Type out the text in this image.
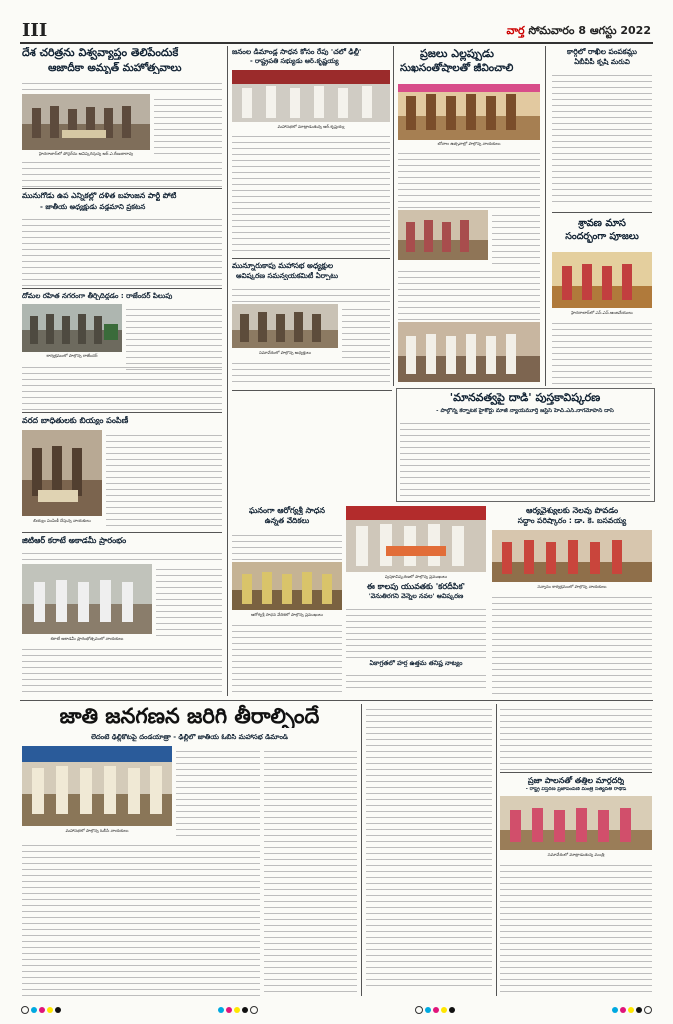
III	వార్త సోమవారం 8 ఆగస్టు 2022
దేశ చరిత్రను విశ్వవ్యాప్తం తెలిపేందుకే
ఆజాదీకా అమృత్ మహోత్సవాలు
హైదరాబాద్‌లో పోస్టర్‌ను ఆవిష్కరిస్తున్న ఆర్.ఎ.రేణుకారావు
మునుగోడు ఉప ఎన్నికల్లో దళిత బహుజన పార్టీ పోటీ
- జాతీయ అధ్యక్షుడు వడ్డమాని ప్రకటన
దోమల రహిత నగరంగా తీర్చిదిద్దడం : రాజేందర్ పిలుపు
కార్యక్రమంలో పాల్గొన్న రాజేందర్
వరద బాధితులకు బియ్యం పంపిణీ
బియ్యం పంపిణీ చేస్తున్న నాయకులు
జిటిఆర్ కరాటే అకాడమీ ప్రారంభం
కరాటే అకాడమీ ప్రారంభోత్సవంలో నాయకులు
జనంల డిమాండ్ల సాధన కోసం రేపు 'చలో ఢిల్లీ'
- రాష్ట్రపతి సభ్యుడు ఆర్.కృష్ణయ్య
మహాసభలో మాట్లాడుతున్న ఆర్.కృష్ణయ్య
మున్నూరుకాపు మహాసభ అధ్యక్షుల
ఆవిష్కరణ సమన్వయకమిటీ ఏర్పాటు
సమావేశంలో పాల్గొన్న అధ్యక్షులు
ప్రజలు ఎల్లప్పుడు
సుఖసంతోషాలతో జీవించాలి
బోనాల ఉత్సవాల్లో పాల్గొన్న నాయకులు
కార్గిలో రాఖీల పంపకమ్లు
ఏబీవీపీ కృషి మరువి
శ్రావణ మాస
సందర్భంగా పూజలు
హైదరాబాద్‌లో ఎస్.ఎన్.ఆంజనేయులు
'మానవత్వపై దాడి' పుస్తకావిష్కరణ
- పాల్గొన్న కర్నాటక హైకోర్టు మాజీ న్యాయమూర్తి జస్టిస్ హెచ్.ఎన్.నాగమోహన్ దాస్
ఘనంగా ఆరోగ్యశ్రీ సాధన
ఉన్నత వేదికలు
ఆరోగ్యశ్రీ సాధన వేదికలో పాల్గొన్న ప్రముఖులు
పుస్తకావిష్కరణలో పాల్గొన్న ప్రముఖులు
ఈ కాలపు యువతకు 'కరదీపిక'
'వెనుతిరగని వెన్నెల నవల' ఆవిష్కరణ
ఏకాగ్రతలో హర్ష ఉత్తమ తనిష్ట నాట్యం
ఆర్యవైశ్యులకు నెలవు పొవడం
సద్దాం పరిష్కారం : డా. కె. బసవయ్య
సన్మానం కార్యక్రమంలో పాల్గొన్న నాయకులు
జాతి జనగణన జరిగి తీరాల్సిందే
లేదంటే ఢిల్లీకోటపై దండయాత్రా - ఢిల్లీలో జాతీయ ఓబీసి మహాసభ డిమాండ్
మహాసభలో పాల్గొన్న ఓబీసి నాయకులు
ప్రజా పాలనతో తత్తిల మార్గదర్శి
- రాష్ట్ర విస్తరణ ప్రజాపంపిణి మంత్రి సత్యవతి రాథోడ్
సమావేశంలో మాట్లాడుతున్న మంత్రి
